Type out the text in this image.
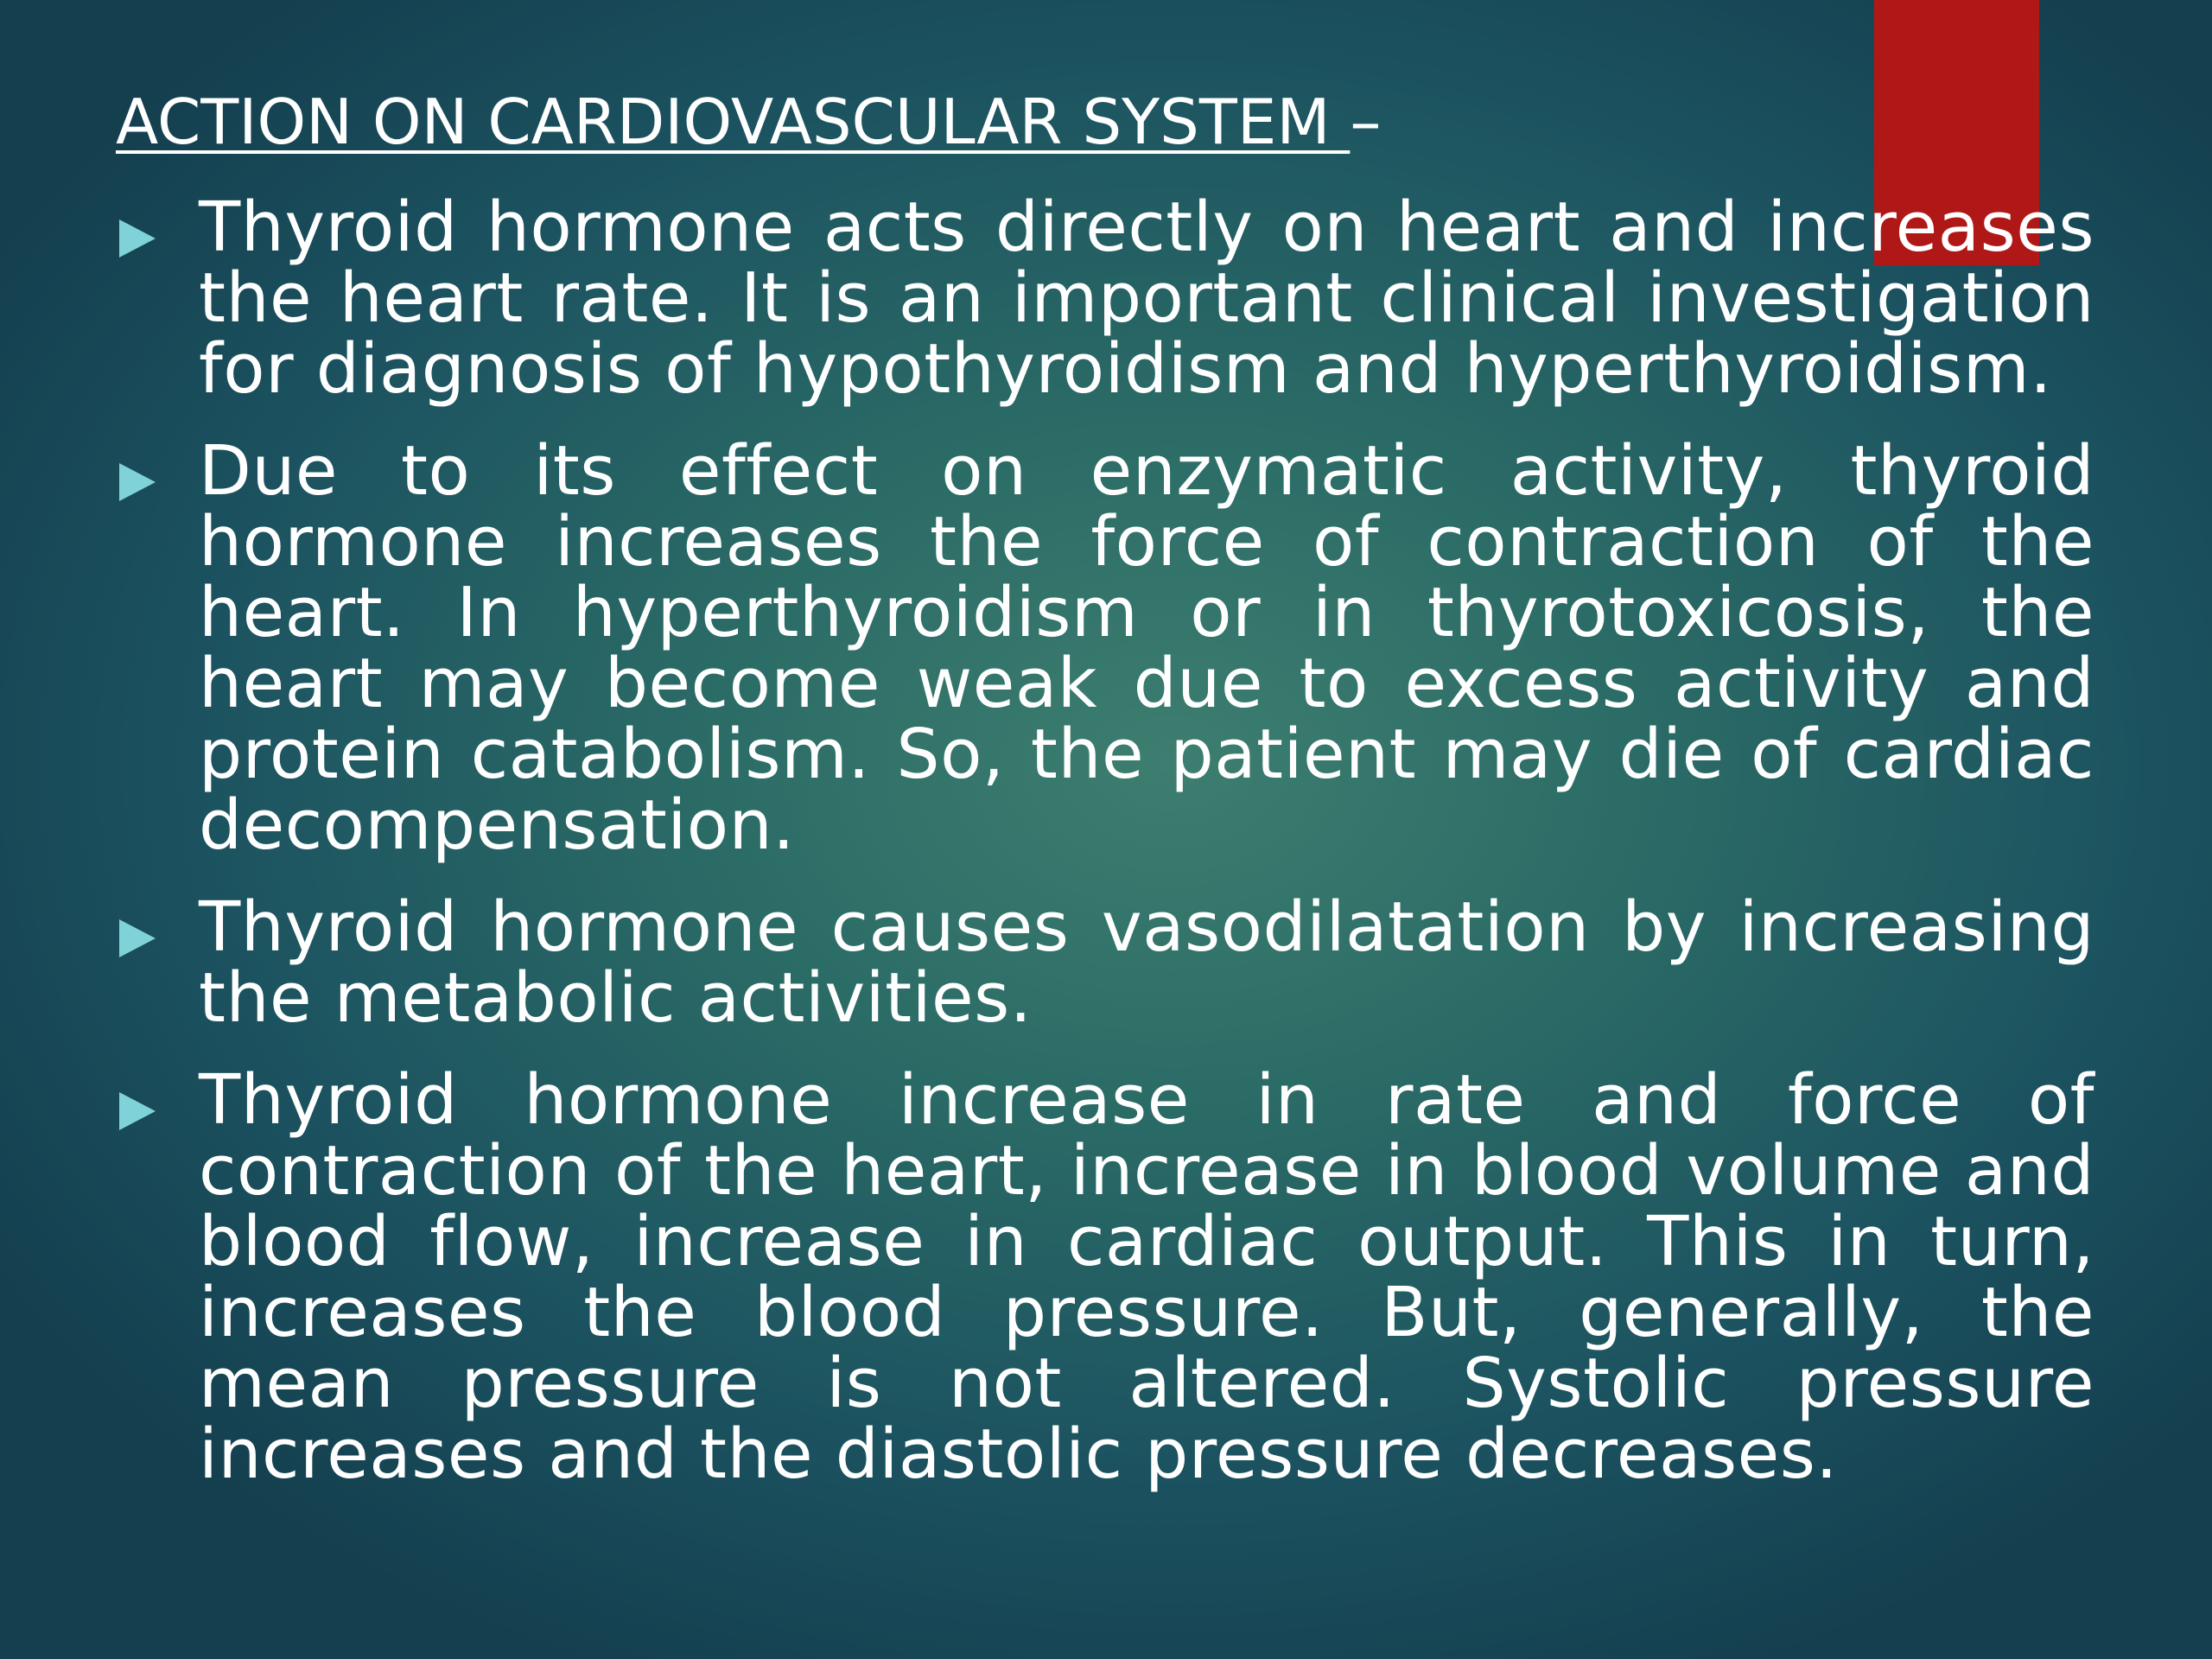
ACTION ON CARDIOVASCULAR SYSTEM –
Thyroid hormone acts directly on heart and increases the heart rate. It is an important clinical investigation for diagnosis of hypothyroidism and hyperthyroidism.
Due to its effect on enzymatic activity, thyroid hormone increases the force of contraction of the heart. In hyperthyroidism or in thyrotoxicosis, the heart may become weak due to excess activity and protein catabolism. So, the patient may die of cardiac decompensation.
Thyroid hormone causes vasodilatation by increasing the metabolic activities.
Thyroid hormone increase in rate and force of contraction of the heart, increase in blood volume and blood flow, increase in cardiac output. This in turn, increases the blood pressure. But, generally, the mean pressure is not altered. Systolic pressure increases and the diastolic pressure decreases.
